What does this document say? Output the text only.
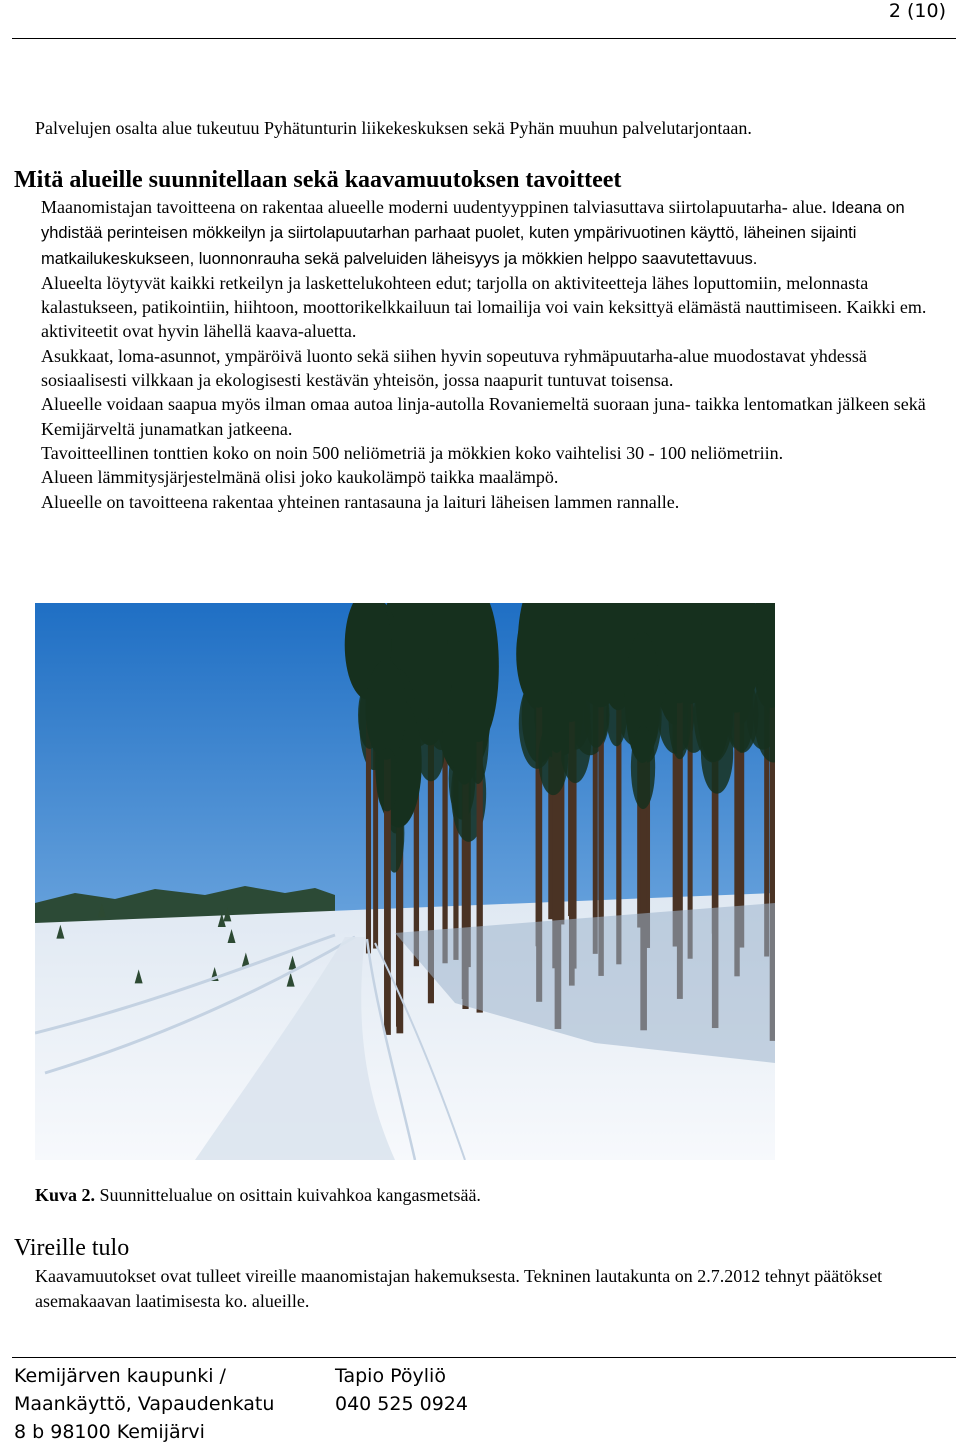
2 (10)

Palvelujen osalta alue tukeutuu Pyhätunturin liikekeskuksen sekä Pyhän muuhun palvelutarjontaan.

Mitä alueille suunnitellaan sekä kaavamuutoksen tavoitteet

Maanomistajan tavoitteena on rakentaa alueelle moderni uudentyyppinen talviasuttava siirtolapuutarha- alue. Ideana on yhdistää perinteisen mökkeilyn ja siirtolapuutarhan parhaat puolet, kuten ympärivuotinen käyttö, läheinen sijainti matkailukeskukseen, luonnonrauha sekä palveluiden läheisyys ja mökkien helppo saavutettavuus.

Alueelta löytyvät kaikki retkeilyn ja laskettelukohteen edut; tarjolla on aktiviteetteja lähes loputtomiin, melonnasta kalastukseen, patikointiin, hiihtoon, moottorikelkkailuun tai lomailija voi vain keksittyä elämästä nauttimiseen. Kaikki em. aktiviteetit ovat hyvin lähellä kaava-aluetta.

Asukkaat, loma-asunnot, ympäröivä luonto sekä siihen hyvin sopeutuva ryhmäpuutarha-alue muodostavat yhdessä sosiaalisesti vilkkaan ja ekologisesti kestävän yhteisön, jossa naapurit tuntuvat toisensa.

Alueelle voidaan saapua myös ilman omaa autoa linja-autolla Rovaniemeltä suoraan juna- taikka lentomatkan jälkeen sekä Kemijärveltä junamatkan jatkeena.

Tavoitteellinen tonttien koko on noin 500 neliömetriä ja mökkien koko vaihtelisi 30 - 100 neliömetriin.

Alueen lämmitysjärjestelmänä olisi joko kaukolämpö taikka maalämpö.

Alueelle on tavoitteena rakentaa yhteinen rantasauna ja laituri läheisen lammen rannalle.

Kuva 2. Suunnittelualue on osittain kuivahkoa kangasmetsää.

Vireille tulo

Kaavamuutokset ovat tulleet vireille maanomistajan hakemuksesta. Tekninen lautakunta on 2.7.2012 tehnyt päätökset asemakaavan laatimisesta ko. alueille.

Kemijärven kaupunki /
Maankäyttö, Vapaudenkatu
8 b 98100 Kemijärvi
Tapio Pöyliö
040 525 0924
